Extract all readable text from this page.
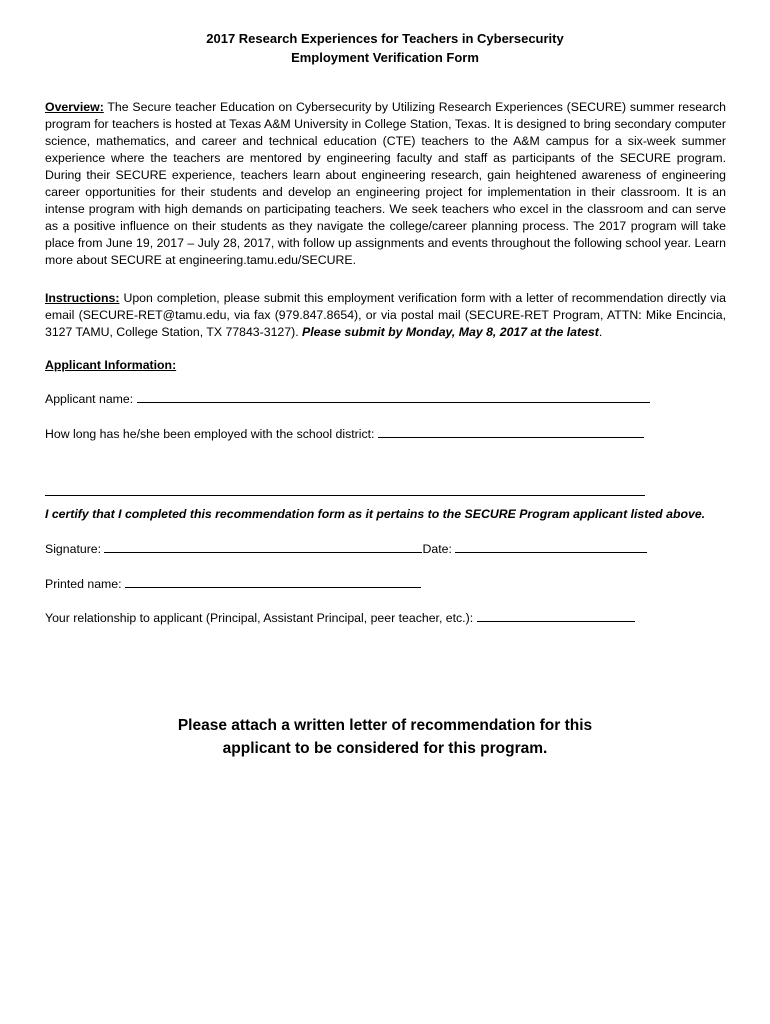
2017 Research Experiences for Teachers in Cybersecurity
Employment Verification Form
Overview: The Secure teacher Education on Cybersecurity by Utilizing Research Experiences (SECURE) summer research program for teachers is hosted at Texas A&M University in College Station, Texas. It is designed to bring secondary computer science, mathematics, and career and technical education (CTE) teachers to the A&M campus for a six-week summer experience where the teachers are mentored by engineering faculty and staff as participants of the SECURE program. During their SECURE experience, teachers learn about engineering research, gain heightened awareness of engineering career opportunities for their students and develop an engineering project for implementation in their classroom. It is an intense program with high demands on participating teachers. We seek teachers who excel in the classroom and can serve as a positive influence on their students as they navigate the college/career planning process. The 2017 program will take place from June 19, 2017 – July 28, 2017, with follow up assignments and events throughout the following school year. Learn more about SECURE at engineering.tamu.edu/SECURE.
Instructions: Upon completion, please submit this employment verification form with a letter of recommendation directly via email (SECURE-RET@tamu.edu, via fax (979.847.8654), or via postal mail (SECURE-RET Program, ATTN: Mike Encincia, 3127 TAMU, College Station, TX 77843-3127). Please submit by Monday, May 8, 2017 at the latest.
Applicant Information:
Applicant name:
How long has he/she been employed with the school district:
I certify that I completed this recommendation form as it pertains to the SECURE Program applicant listed above.
Signature:	Date:
Printed name:
Your relationship to applicant (Principal, Assistant Principal, peer teacher, etc.):
Please attach a written letter of recommendation for this
applicant to be considered for this program.
